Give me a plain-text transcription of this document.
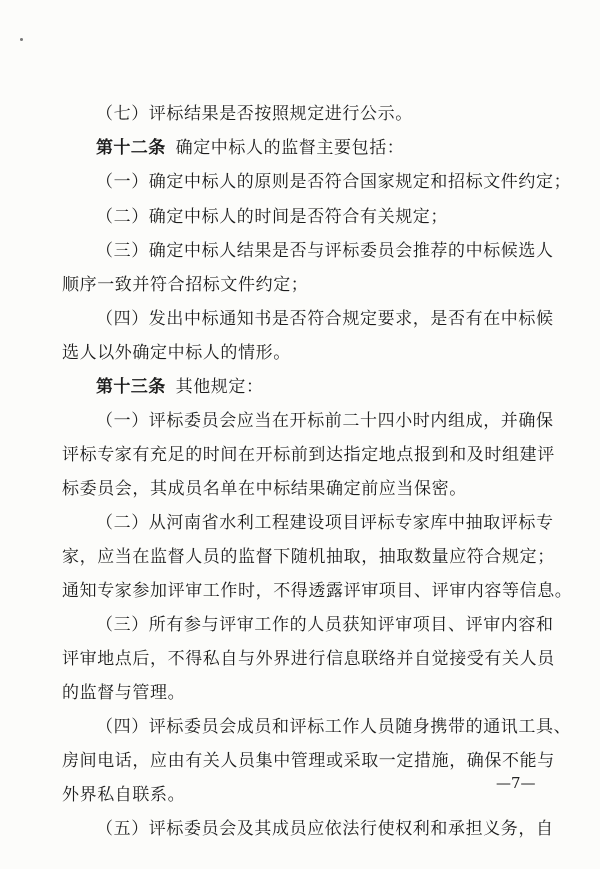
（七）评标结果是否按照规定进行公示。
第十二条 确定中标人的监督主要包括：
（一）确定中标人的原则是否符合国家规定和招标文件约定；
（二）确定中标人的时间是否符合有关规定；
（三）确定中标人结果是否与评标委员会推荐的中标候选人
顺序一致并符合招标文件约定；
（四）发出中标通知书是否符合规定要求，是否有在中标候
选人以外确定中标人的情形。
第十三条 其他规定：
（一）评标委员会应当在开标前二十四小时内组成，并确保
评标专家有充足的时间在开标前到达指定地点报到和及时组建评
标委员会，其成员名单在中标结果确定前应当保密。
（二）从河南省水利工程建设项目评标专家库中抽取评标专
家，应当在监督人员的监督下随机抽取，抽取数量应符合规定；
通知专家参加评审工作时，不得透露评审项目、评审内容等信息。
（三）所有参与评审工作的人员获知评审项目、评审内容和
评审地点后，不得私自与外界进行信息联络并自觉接受有关人员
的监督与管理。
（四）评标委员会成员和评标工作人员随身携带的通讯工具、
房间电话，应由有关人员集中管理或采取一定措施，确保不能与
外界私自联系。
（五）评标委员会及其成员应依法行使权利和承担义务，自
—7—
